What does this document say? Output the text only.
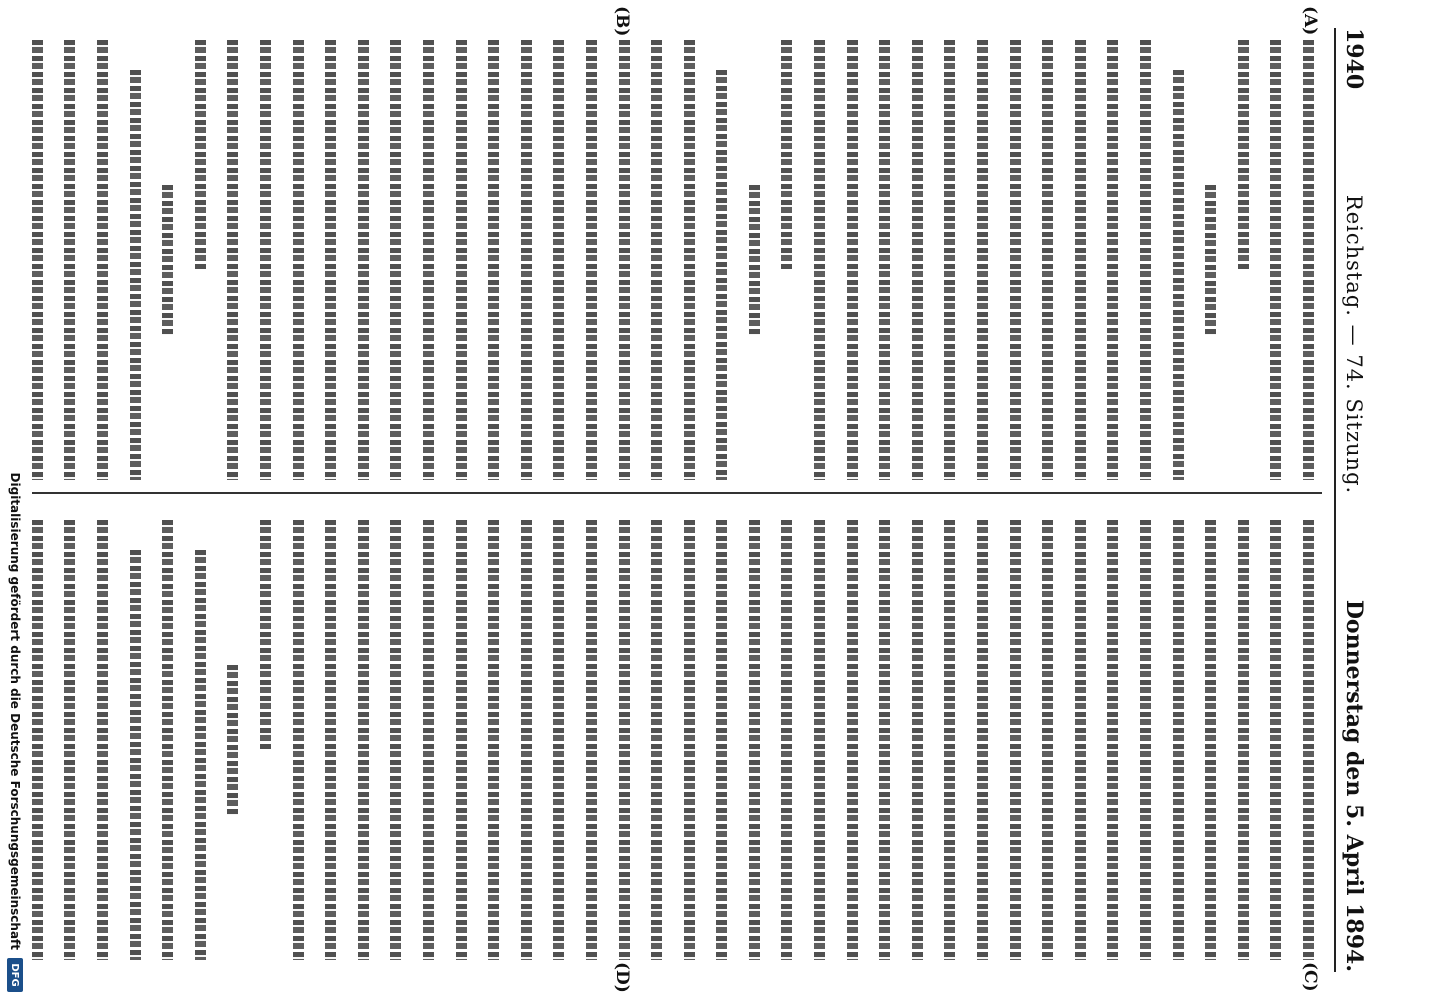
1940
Reichstag. — 74. Sitzung.
Donnerstag den 5. April 1894.
(A)
(B)
(C)
(D)
Digitalisierung gefördert durch die Deutsche Forschungsgemeinschaft
DFG
